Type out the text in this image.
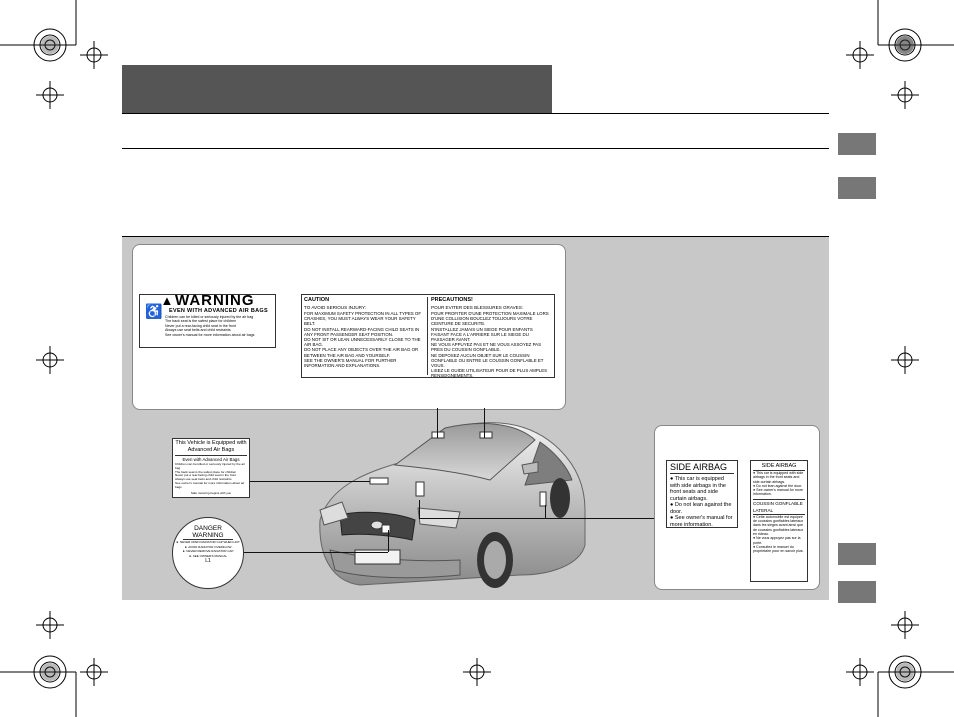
▲ WARNING
♿	EVEN WITH ADVANCED AIR BAGS
Children can be killed or seriously injured by the air bag
The back seat is the safest place for children
Never put a rear-facing child seat in the front
Always use seat belts and child restraints
See owner's manual for more information about air bags
CAUTION
TO AVOID SERIOUS INJURY:
FOR MAXIMUM SAFETY PROTECTION IN ALL TYPES OF CRASHES, YOU MUST ALWAYS WEAR YOUR SAFETY BELT.
DO NOT INSTALL REARWARD-FACING CHILD SEATS IN ANY FRONT PASSENGER SEAT POSITION.
DO NOT SIT OR LEAN UNNECESSARILY CLOSE TO THE AIR BAG.
DO NOT PLACE ANY OBJECTS OVER THE AIR BAG OR BETWEEN THE AIR BAG AND YOURSELF.
SEE THE OWNER'S MANUAL FOR FURTHER INFORMATION AND EXPLANATIONS.
PRECAUTIONS!
POUR EVITER DES BLESSURES GRAVES:
POUR PROFITER D'UNE PROTECTION MAXIMALE LORS D'UNE COLLISION BOUCLEZ TOUJOURS VOTRE CEINTURE DE SECURITE.
N'INSTALLEZ JAMAIS UN SIEGE POUR ENFANTS FAISANT FACE A L'ARRIERE SUR LE SIEGE DU PASSAGER AVANT.
NE VOUS APPUYEZ PAS ET NE VOUS ASSOYEZ PAS PRES DU COUSSIN GONFLABLE.
NE DEPOSEZ AUCUN OBJET SUR LE COUSSIN GONFLABLE OU ENTRE LE COUSSIN GONFLABLE ET VOUS.
LISEZ LE GUIDE UTILISATEUR POUR DE PLUS AMPLES RENSEIGNEMENTS.
This Vehicle is Equipped with Advanced Air Bags
Even with Advanced Air Bags
Children can be killed or seriously injured by the air bag
The back seat is the safest place for children
Never put a rear-facing child seat in the front
Always use seat belts and child restraints
See owner's manual for more information about air bags
Safe motoring begins with you
DANGER
WARNING
► NEVER OPEN RADIATOR CAP WHEN HOT
► AVOID RADIATOR OVERFLOW
► NEVER REMOVE RADIATOR CAP
► SEE OWNER'S MANUAL
L1
SIDE AIRBAG
● This car is equipped with side airbags in the front seats and side curtain airbags.
● Do not lean against the door.
● See owner's manual for more information.
SIDE AIRBAG
● This car is equipped with side airbags in the front seats and side curtain airbags.
● Do not lean against the door.
● See owner's manual for more information.
COUSSIN GONFLABLE LATERAL
● Cette automobile est equipee de coussins gonflables lateraux dans les sieges avant ainsi que de coussins gonflables lateraux en rideau.
● Ne vous appuyez pas sur la porte.
● Consultez le manuel du proprietaire pour en savoir plus.
